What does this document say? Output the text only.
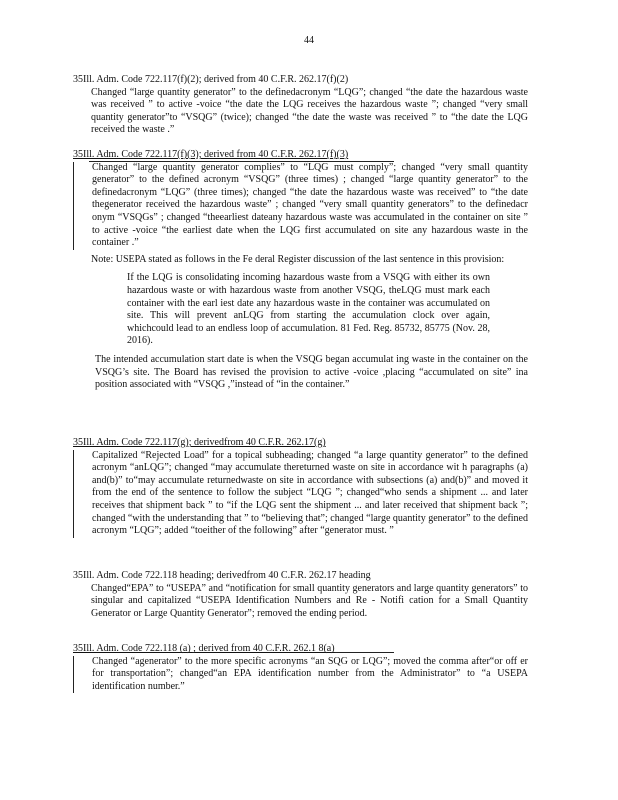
44
35Ill. Adm. Code 722.117(f)(2); derived from 40 C.F.R. 262.17(f)(2)
Changed “large quantity generator” to the definedacronym “LQG”; changed “the date the hazardous waste was received ” to active -voice “the date the LQG receives the hazardous waste ”; changed “very small quantity generator”to “VSQG” (twice); changed “the date the waste was received ” to “the date the LQG received the waste .”
35Ill. Adm. Code 722.117(f)(3); derived from 40 C.F.R. 262.17(f)(3)
Changed “large quantity generator complies” to “LQG must comply”; changed “very small quantity generator” to the defined acronym “VSQG” (three times) ; changed “large quantity generator” to the definedacronym “LQG” (three times); changed “the date the hazardous waste was received” to “the date thegenerator received the hazardous waste” ; changed “very small quantity generators” to the definedacr onym “VSQGs” ; changed “theearliest dateany hazardous waste was accumulated in the container on site ” to active -voice “the earliest date when the LQG first accumulated on site any hazardous waste in the container .”
Note: USEPA stated as follows in the Fe deral Register discussion of the last sentence in this provision:
If the LQG is consolidating incoming hazardous waste from a VSQG with either its own hazardous waste or with hazardous waste from another VSQG, theLQG must mark each container with the earl iest date any hazardous waste in the container was accumulated on site. This will prevent anLQG from starting the accumulation clock over again, whichcould lead to an endless loop of accumulation. 81 Fed. Reg. 85732, 85775 (Nov. 28, 2016).
The intended accumulation start date is when the VSQG began accumulat ing waste in the container on the VSQG’s site. The Board has revised the provision to active -voice ,placing “accumulated on site” ina position associated with “VSQG ,”instead of “in the container.”
35Ill. Adm. Code 722.117(g); derivedfrom 40 C.F.R. 262.17(g)
Capitalized “Rejected Load” for a topical subheading; changed “a large quantity generator” to the defined acronym “anLQG”; changed “may accumulate thereturned waste on site in accordance wit h paragraphs (a) and(b)” to“may accumulate returnedwaste on site in accordance with subsections (a) and(b)” and moved it from the end of the sentence to follow the subject “LQG ”; changed“who sends a shipment ... and later receives that shipment back ” to “if the LQG sent the shipment ... and later received that shipment back ”; changed “with the understanding that ” to “believing that”; changed “large quantity generator” to the defined acronym “LQG”; added “toeither of the following” after “generator must. ”
35Ill. Adm. Code 722.118 heading; derivedfrom 40 C.F.R. 262.17 heading
Changed“EPA” to “USEPA” and “notification for small quantity generators and large quantity generators” to singular and capitalized “USEPA Identification Numbers and Re - Notifi cation for a Small Quantity Generator or Large Quantity Generator”; removed the ending period.
35Ill. Adm. Code 722.118 (a) ; derived from 40 C.F.R. 262.1 8(a)
Changed “agenerator” to the more specific acronyms “an SQG or LQG”; moved the comma after“or off er for transportation”; changed“an EPA identification number from the Administrator” to “a USEPA identification number.”
